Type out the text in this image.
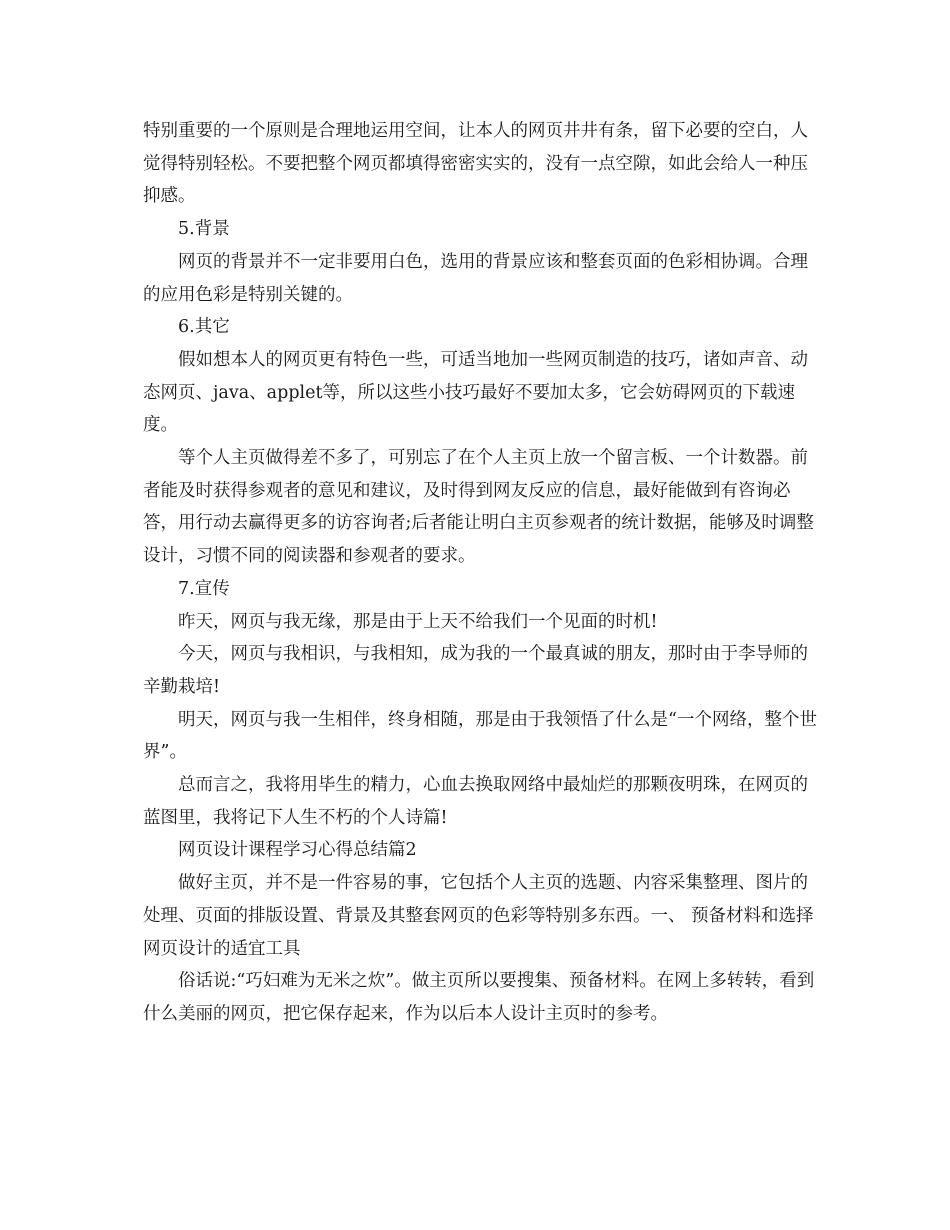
特别重要的一个原则是合理地运用空间，让本人的网页井井有条，留下必要的空白，人觉得特别轻松。不要把整个网页都填得密密实实的，没有一点空隙，如此会给人一种压抑感。

5.背景

网页的背景并不一定非要用白色，选用的背景应该和整套页面的色彩相协调。合理的应用色彩是特别关键的。

6.其它

假如想本人的网页更有特色一些，可适当地加一些网页制造的技巧，诸如声音、动态网页、java、applet等，所以这些小技巧最好不要加太多，它会妨碍网页的下载速度。

等个人主页做得差不多了，可别忘了在个人主页上放一个留言板、一个计数器。前者能及时获得参观者的意见和建议，及时得到网友反应的信息，最好能做到有咨询必答，用行动去赢得更多的访容询者;后者能让明白主页参观者的统计数据，能够及时调整设计，习惯不同的阅读器和参观者的要求。

7.宣传

昨天，网页与我无缘，那是由于上天不给我们一个见面的时机!

今天，网页与我相识，与我相知，成为我的一个最真诚的朋友，那时由于李导师的辛勤栽培!

明天，网页与我一生相伴，终身相随，那是由于我领悟了什么是“一个网络，整个世界”。

总而言之，我将用毕生的精力，心血去换取网络中最灿烂的那颗夜明珠，在网页的蓝图里，我将记下人生不朽的个人诗篇!

网页设计课程学习心得总结篇2

做好主页，并不是一件容易的事，它包括个人主页的选题、内容采集整理、图片的处理、页面的排版设置、背景及其整套网页的色彩等特别多东西。一、 预备材料和选择网页设计的适宜工具

俗话说:“巧妇难为无米之炊”。做主页所以要搜集、预备材料。在网上多转转，看到什么美丽的网页，把它保存起来，作为以后本人设计主页时的参考。
